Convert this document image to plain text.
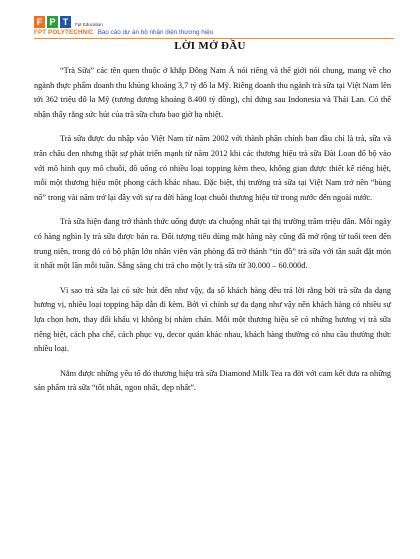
F P T	Fpt Education
FPT POLYTECHNIC Báo cáo dự án bộ nhận diện thương hiệu
LỜI MỞ ĐẦU

“Trà Sữa” các tên quen thuộc ở khắp Đông Nam Á nói riêng và thế giới nói chung, mang về cho ngành thực phẩm doanh thu khủng khoảng 3,7 tỷ đô la Mỹ. Riêng doanh thu ngành trà sữa tại Việt Nam lên tới 362 triệu đô la Mỹ (tương đương khoảng 8.400 tỷ đồng), chỉ đứng sau Indonesia và Thái Lan. Có thể nhận thấy rằng sức hút của trà sữa chưa bao giờ hạ nhiệt.

Trà sữa được du nhập vào Việt Nam từ năm 2002 với thành phần chính ban đầu chỉ là trà, sữa và trân châu đen nhưng thật sự phát triển mạnh từ năm 2012 khi các thương hiệu trà sữa Đài Loan đổ bộ vào với mô hình quy mô chuỗi, đồ uống có nhiều loại topping kèm theo, không gian được thiết kế riêng biệt, mỗi một thương hiệu một phong cách khác nhau. Đặc biệt, thị trường trà sữa tại Việt Nam trở nên “bùng nổ” trong vài năm trở lại đây với sự ra đời hàng loạt chuỗi thương hiệu từ trong nước đến ngoài nước.

Trà sữa hiện đang trở thành thức uống được ưa chuộng nhất tại thị trường trăm triệu dân. Mỗi ngày có hàng nghìn ly trà sữa được bán ra. Đối tượng tiêu dùng mặt hàng này cũng đã mở rộng từ tuổi teen đến trung niên, trong đó có bộ phận lớn nhân viên văn phòng đã trở thành “tín đồ” trà sữa với tần suất đặt món ít nhất một lần mỗi tuần. Sẵng sàng chi trả cho một ly trà sữa từ 30.000 – 60.000đ.

Vì sao trà sữa lại có sức hút đến như vậy, đa số khách hàng đều trả lời rằng bởi trà sữa đa dạng hương vị, nhiều loại topping hấp dẫn đi kèm. Bởi vì chính sự đa dạng như vậy nên khách hàng có nhiều sự lựa chọn hơn, thay đổi khẩu vị không bị nhàm chán. Mỗi một thương hiệu sẽ có những hương vị trà sữa riêng biệt, cách pha chế, cách phục vụ, decor quán khác nhau, khách hàng thường có nhu cầu thưởng thức nhiều loại.

Nắm được những yếu tố đó thương hiệu trà sữa Diamond Milk Tea ra đời với cam kết đưa ra những sản phẩm trà sữa “tốt nhất, ngon nhất, đẹp nhất”.
